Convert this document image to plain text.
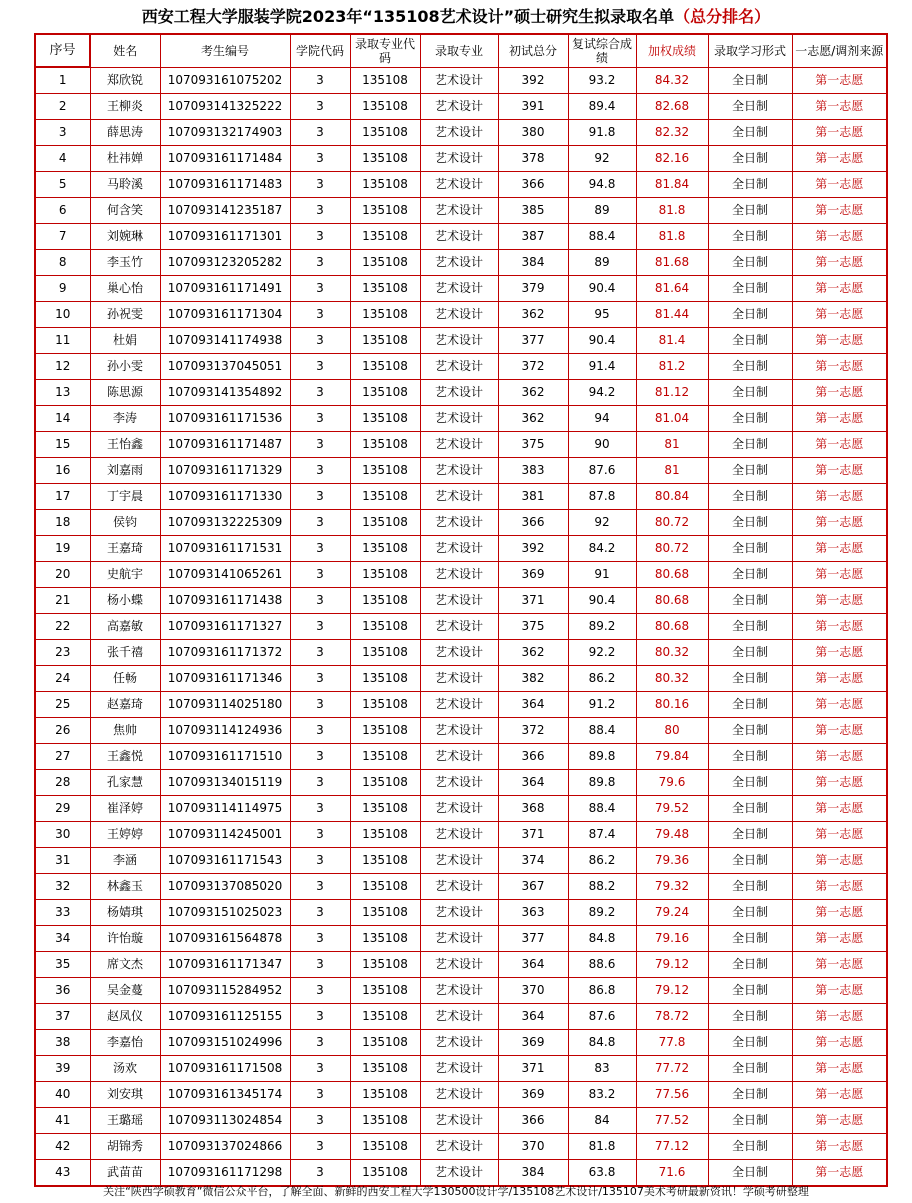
西安工程大学服装学院2023年“135108艺术设计”硕士研究生拟录取名单（总分排名）
序号	姓名	考生编号	学院代码	录取专业代码	录取专业	初试总分	复试综合成绩	加权成绩	录取学习形式	一志愿/调剂来源
1	郑欣锐	107093161075202	3	135108	艺术设计	392	93.2	84.32	全日制	第一志愿
2	王柳炎	107093141325222	3	135108	艺术设计	391	89.4	82.68	全日制	第一志愿
3	薛思涛	107093132174903	3	135108	艺术设计	380	91.8	82.32	全日制	第一志愿
4	杜祎婵	107093161171484	3	135108	艺术设计	378	92	82.16	全日制	第一志愿
5	马聆溪	107093161171483	3	135108	艺术设计	366	94.8	81.84	全日制	第一志愿
6	何含笑	107093141235187	3	135108	艺术设计	385	89	81.8	全日制	第一志愿
7	刘婉琳	107093161171301	3	135108	艺术设计	387	88.4	81.8	全日制	第一志愿
8	李玉竹	107093123205282	3	135108	艺术设计	384	89	81.68	全日制	第一志愿
9	巢心怡	107093161171491	3	135108	艺术设计	379	90.4	81.64	全日制	第一志愿
10	孙祝雯	107093161171304	3	135108	艺术设计	362	95	81.44	全日制	第一志愿
11	杜娟	107093141174938	3	135108	艺术设计	377	90.4	81.4	全日制	第一志愿
12	孙小雯	107093137045051	3	135108	艺术设计	372	91.4	81.2	全日制	第一志愿
13	陈思源	107093141354892	3	135108	艺术设计	362	94.2	81.12	全日制	第一志愿
14	李涛	107093161171536	3	135108	艺术设计	362	94	81.04	全日制	第一志愿
15	王怡鑫	107093161171487	3	135108	艺术设计	375	90	81	全日制	第一志愿
16	刘嘉雨	107093161171329	3	135108	艺术设计	383	87.6	81	全日制	第一志愿
17	丁宇晨	107093161171330	3	135108	艺术设计	381	87.8	80.84	全日制	第一志愿
18	侯钧	107093132225309	3	135108	艺术设计	366	92	80.72	全日制	第一志愿
19	王嘉琦	107093161171531	3	135108	艺术设计	392	84.2	80.72	全日制	第一志愿
20	史航宇	107093141065261	3	135108	艺术设计	369	91	80.68	全日制	第一志愿
21	杨小蝶	107093161171438	3	135108	艺术设计	371	90.4	80.68	全日制	第一志愿
22	高嘉敏	107093161171327	3	135108	艺术设计	375	89.2	80.68	全日制	第一志愿
23	张千禧	107093161171372	3	135108	艺术设计	362	92.2	80.32	全日制	第一志愿
24	任畅	107093161171346	3	135108	艺术设计	382	86.2	80.32	全日制	第一志愿
25	赵嘉琦	107093114025180	3	135108	艺术设计	364	91.2	80.16	全日制	第一志愿
26	焦帅	107093114124936	3	135108	艺术设计	372	88.4	80	全日制	第一志愿
27	王鑫悦	107093161171510	3	135108	艺术设计	366	89.8	79.84	全日制	第一志愿
28	孔家慧	107093134015119	3	135108	艺术设计	364	89.8	79.6	全日制	第一志愿
29	崔泽婷	107093114114975	3	135108	艺术设计	368	88.4	79.52	全日制	第一志愿
30	王婷婷	107093114245001	3	135108	艺术设计	371	87.4	79.48	全日制	第一志愿
31	李涵	107093161171543	3	135108	艺术设计	374	86.2	79.36	全日制	第一志愿
32	林鑫玉	107093137085020	3	135108	艺术设计	367	88.2	79.32	全日制	第一志愿
33	杨婧琪	107093151025023	3	135108	艺术设计	363	89.2	79.24	全日制	第一志愿
34	许怡璇	107093161564878	3	135108	艺术设计	377	84.8	79.16	全日制	第一志愿
35	席文杰	107093161171347	3	135108	艺术设计	364	88.6	79.12	全日制	第一志愿
36	吴金蔓	107093115284952	3	135108	艺术设计	370	86.8	79.12	全日制	第一志愿
37	赵凤仪	107093161125155	3	135108	艺术设计	364	87.6	78.72	全日制	第一志愿
38	李嘉怡	107093151024996	3	135108	艺术设计	369	84.8	77.8	全日制	第一志愿
39	汤欢	107093161171508	3	135108	艺术设计	371	83	77.72	全日制	第一志愿
40	刘安琪	107093161345174	3	135108	艺术设计	369	83.2	77.56	全日制	第一志愿
41	王璐瑶	107093113024854	3	135108	艺术设计	366	84	77.52	全日制	第一志愿
42	胡锦秀	107093137024866	3	135108	艺术设计	370	81.8	77.12	全日制	第一志愿
43	武苗苗	107093161171298	3	135108	艺术设计	384	63.8	71.6	全日制	第一志愿
关注“陕西学硕教育”微信公众平台，了解全面、新鲜的西安工程大学130500设计学/135108艺术设计/135107美术考研最新资讯！学硕考研整理
